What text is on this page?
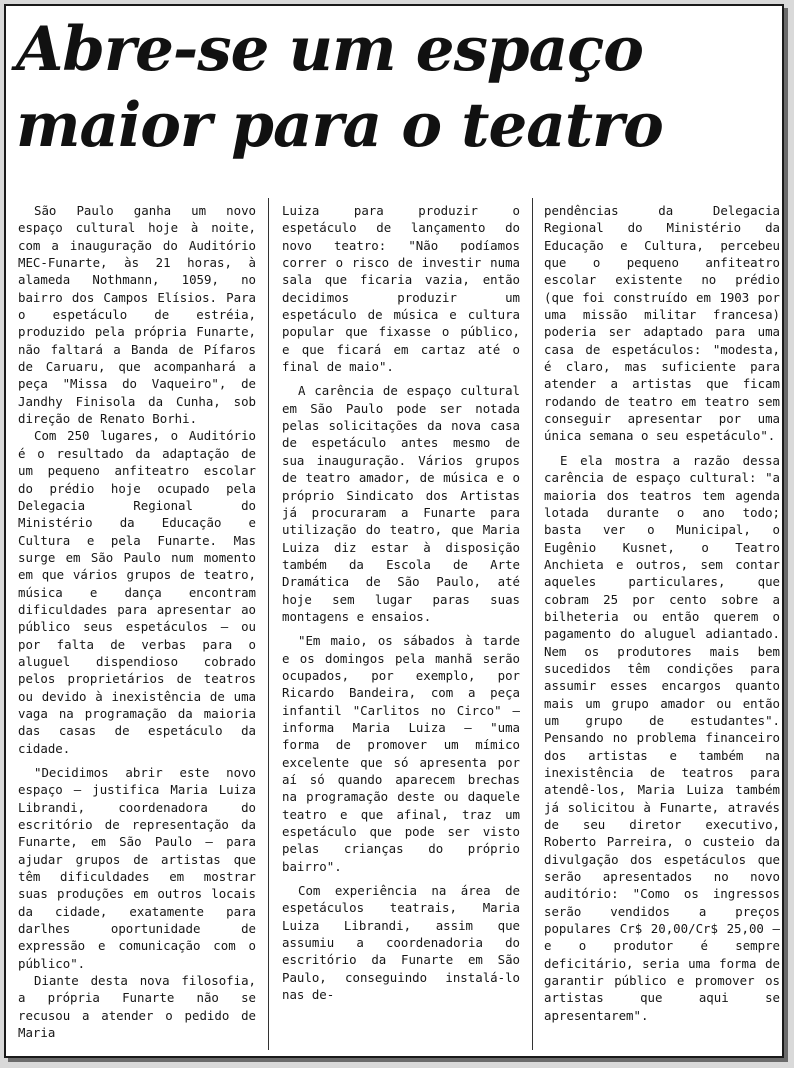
Abre-se um espaço maior para o teatro

São Paulo ganha um novo espaço cultural hoje à noite, com a inauguração do Auditório MEC-Funarte, às 21 horas, à alameda Nothmann, 1059, no bairro dos Campos Elísios. Para o espetáculo de estréia, produzido pela própria Funarte, não faltará a Banda de Pífaros de Caruaru, que acompanhará a peça "Missa do Vaqueiro", de Jandhy Finisola da Cunha, sob direção de Renato Borhi.

Com 250 lugares, o Auditório é o resultado da adaptação de um pequeno anfiteatro escolar do prédio hoje ocupado pela Delegacia Regional do Ministério da Educação e Cultura e pela Funarte. Mas surge em São Paulo num momento em que vários grupos de teatro, música e dança encontram dificuldades para apresentar ao público seus espetáculos — ou por falta de verbas para o aluguel dispendioso cobrado pelos proprietários de teatros ou devido à inexistência de uma vaga na programação da maioria das casas de espetáculo da cidade.

"Decidimos abrir este novo espaço — justifica Maria Luiza Librandi, coordenadora do escritório de representação da Funarte, em São Paulo — para ajudar grupos de artistas que têm dificuldades em mostrar suas produções em outros locais da cidade, exatamente para darlhes oportunidade de expressão e comunicação com o público".

Diante desta nova filosofia, a própria Funarte não se recusou a atender o pedido de Maria

Luiza para produzir o espetáculo de lançamento do novo teatro: "Não podíamos correr o risco de investir numa sala que ficaria vazia, então decidimos produzir um espetáculo de música e cultura popular que fixasse o público, e que ficará em cartaz até o final de maio".

A carência de espaço cultural em São Paulo pode ser notada pelas solicitações da nova casa de espetáculo antes mesmo de sua inauguração. Vários grupos de teatro amador, de música e o próprio Sindicato dos Artistas já procuraram a Funarte para utilização do teatro, que Maria Luiza diz estar à disposição também da Escola de Arte Dramática de São Paulo, até hoje sem lugar paras suas montagens e ensaios.

"Em maio, os sábados à tarde e os domingos pela manhã serão ocupados, por exemplo, por Ricardo Bandeira, com a peça infantil "Carlitos no Circo" — informa Maria Luiza — "uma forma de promover um mímico excelente que só apresenta por aí só quando aparecem brechas na programação deste ou daquele teatro e que afinal, traz um espetáculo que pode ser visto pelas crianças do próprio bairro".

Com experiência na área de espetáculos teatrais, Maria Luiza Librandi, assim que assumiu a coordenadoria do escritório da Funarte em São Paulo, conseguindo instalá-lo nas de-

pendências da Delegacia Regional do Ministério da Educação e Cultura, percebeu que o pequeno anfiteatro escolar existente no prédio (que foi construído em 1903 por uma missão militar francesa) poderia ser adaptado para uma casa de espetáculos: "modesta, é claro, mas suficiente para atender a artistas que ficam rodando de teatro em teatro sem conseguir apresentar por uma única semana o seu espetáculo".

E ela mostra a razão dessa carência de espaço cultural: "a maioria dos teatros tem agenda lotada durante o ano todo; basta ver o Municipal, o Eugênio Kusnet, o Teatro Anchieta e outros, sem contar aqueles particulares, que cobram 25 por cento sobre a bilheteria ou então querem o pagamento do aluguel adiantado. Nem os produtores mais bem sucedidos têm condições para assumir esses encargos quanto mais um grupo amador ou então um grupo de estudantes". Pensando no problema financeiro dos artistas e também na inexistência de teatros para atendê-los, Maria Luiza também já solicitou à Funarte, através de seu diretor executivo, Roberto Parreira, o custeio da divulgação dos espetáculos que serão apresentados no novo auditório: "Como os ingressos serão vendidos a preços populares Cr$ 20,00/Cr$ 25,00 — e o produtor é sempre deficitário, seria uma forma de garantir público e promover os artistas que aqui se apresentarem".
